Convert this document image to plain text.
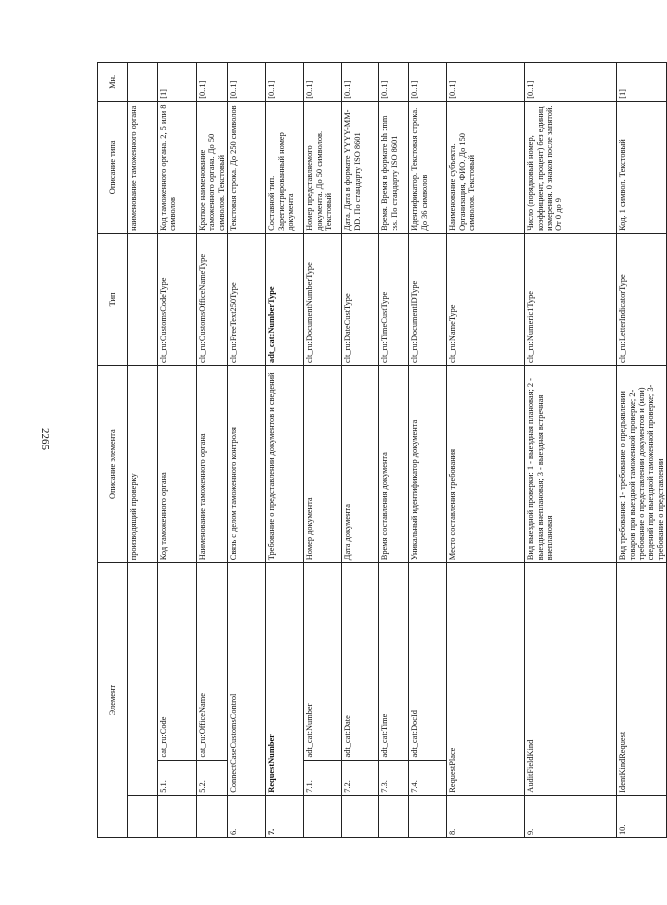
2265
Элемент			Описание элемента	Тип	Описание типа	Мн.
			производящий проверку		наименование таможенного органа	
	5.1.	cat_ru:Code	Код таможенного органа	clt_ru:CustomsCodeType	Код таможенного органа. 2, 5 или 8 символов	[1]
	5.2.	cat_ru:OfficeName	Наименование таможенного органа	clt_ru:CustomsOfficeNameType	Краткое наименование таможенного органа. До 50 символов. Текстовый	[0..1]
6.	ConnectCaseCustomsControl		Связь с делом таможенного контроля	clt_ru:FreeText250Type	Текстовая строка. До 250 символов	[0..1]
7.	RequestNumber		Требование о представлении документов и сведений	adt_cat:NumberType	Составной тип. Зарегистрированный номер документа	[0..1]
	7.1.	adt_cat:Number	Номер документа	clt_ru:DocumentNumberType	Номер представляемого документа. До 50 символов. Текстовый	[0..1]
	7.2.	adt_cat:Date	Дата документа	clt_ru:DateCustType	Дата. Дата в формате YYYY-MM-DD. По стандарту ISO 8601	[0..1]
	7.3.	adt_cat:Time	Время составления документа	clt_ru:TimeCustType	Время. Время в формате hh :mm :ss. По стандарту ISO 8601	[0..1]
	7.4.	adt_cat:DocId	Уникальный идентификатор документа	clt_ru:DocumentIDType	Идентификатор. Текстовая строка. До 36 символов	[0..1]
8.	RequestPlace		Место составления требования	clt_ru:NameType	Наименование субъекта. Организация, ФИО. До 150 символов. Текстовый	[0..1]
9.	AuditFieldKind		Вид выездной проверки: 1 - выездная плановая; 2 - выездная внеплановая; 3 - выездная встречная внеплановая	clt_ru:Numeric1Type	Число (порядковый номер, коэффициент, процент) без единиц измерения. 0 знаков после запятой. От 0 до 9	[0..1]
10.	IdentKindRequest		Вид требования: 1- требование о предъявлении товаров при выездной таможенной проверке; 2- требование о представлении документов и (или) сведений при выездной таможенной проверке; 3- требование о представлении	clt_ru:LetterIndicatorType	Код. 1 символ. Текстовый	[1]
